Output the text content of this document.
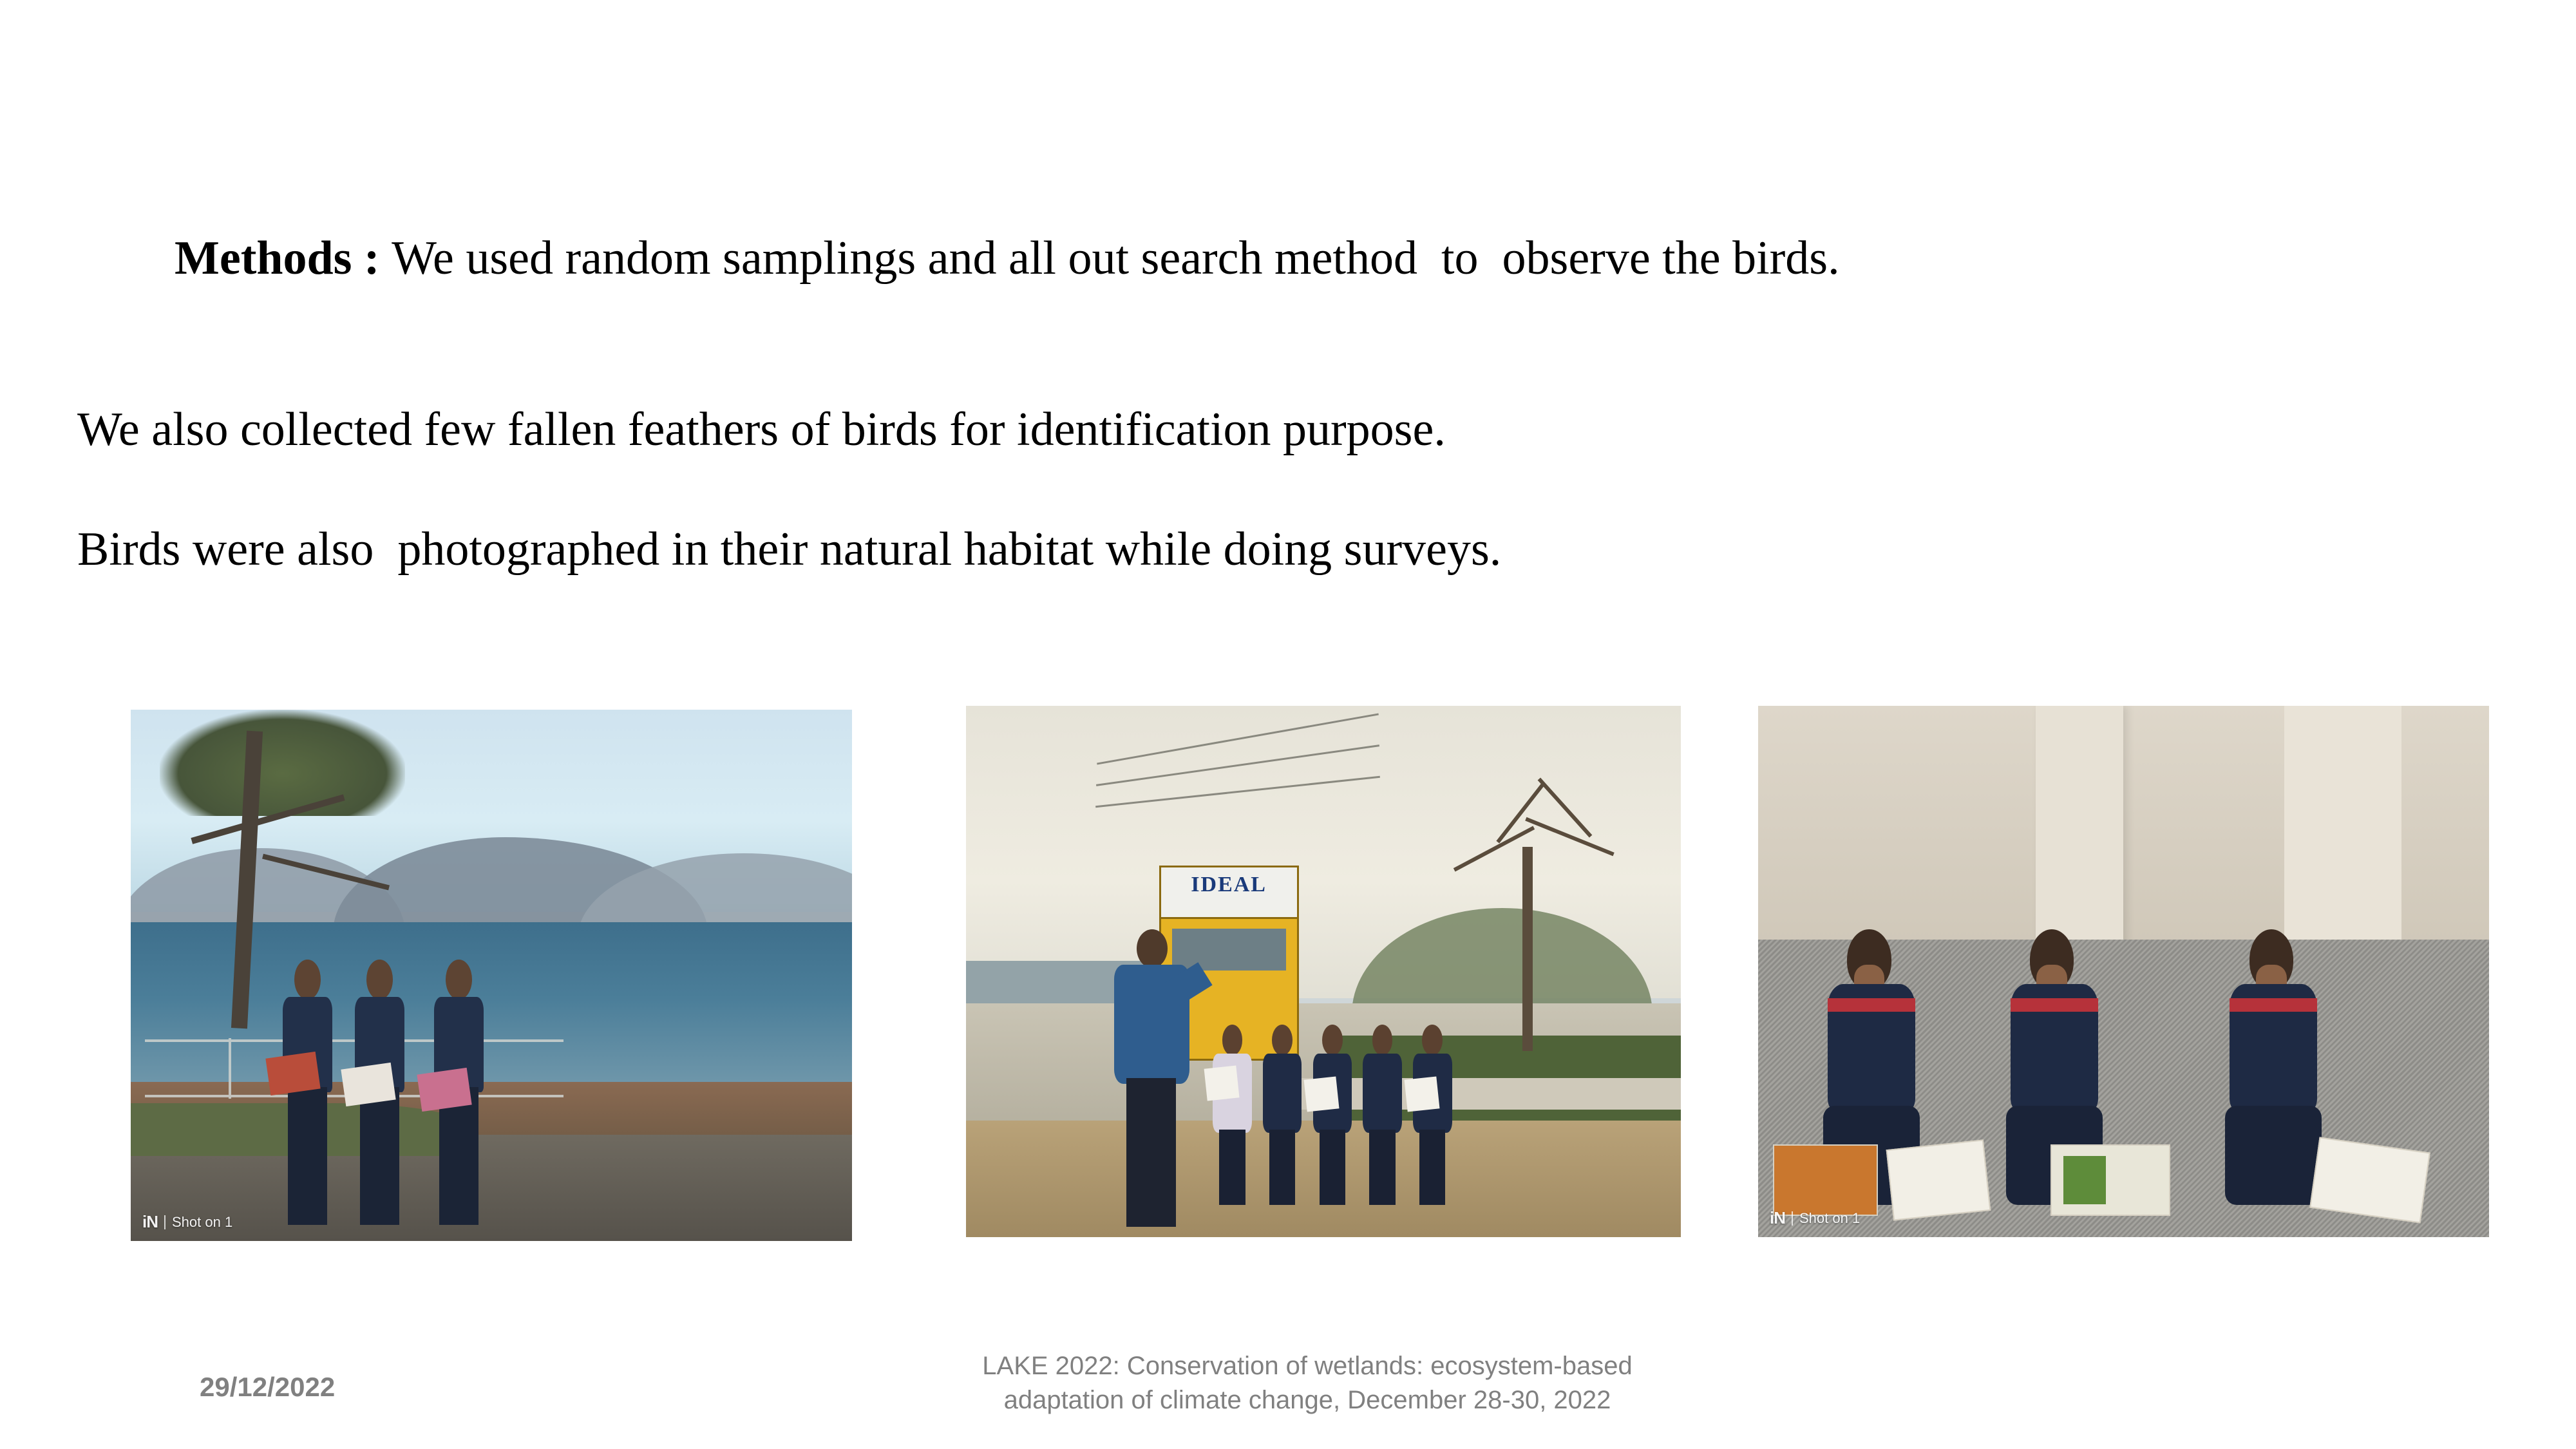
Methods : We used random samplings and all out search method  to  observe the birds.

We also collected few fallen feathers of birds for identification purpose.
Birds were also  photographed in their natural habitat while doing surveys.
iN Shot on 1
IDEAL
iN Shot on 1
29/12/2022
LAKE 2022: Conservation of wetlands: ecosystem-based
adaptation of climate change, December 28-30, 2022
